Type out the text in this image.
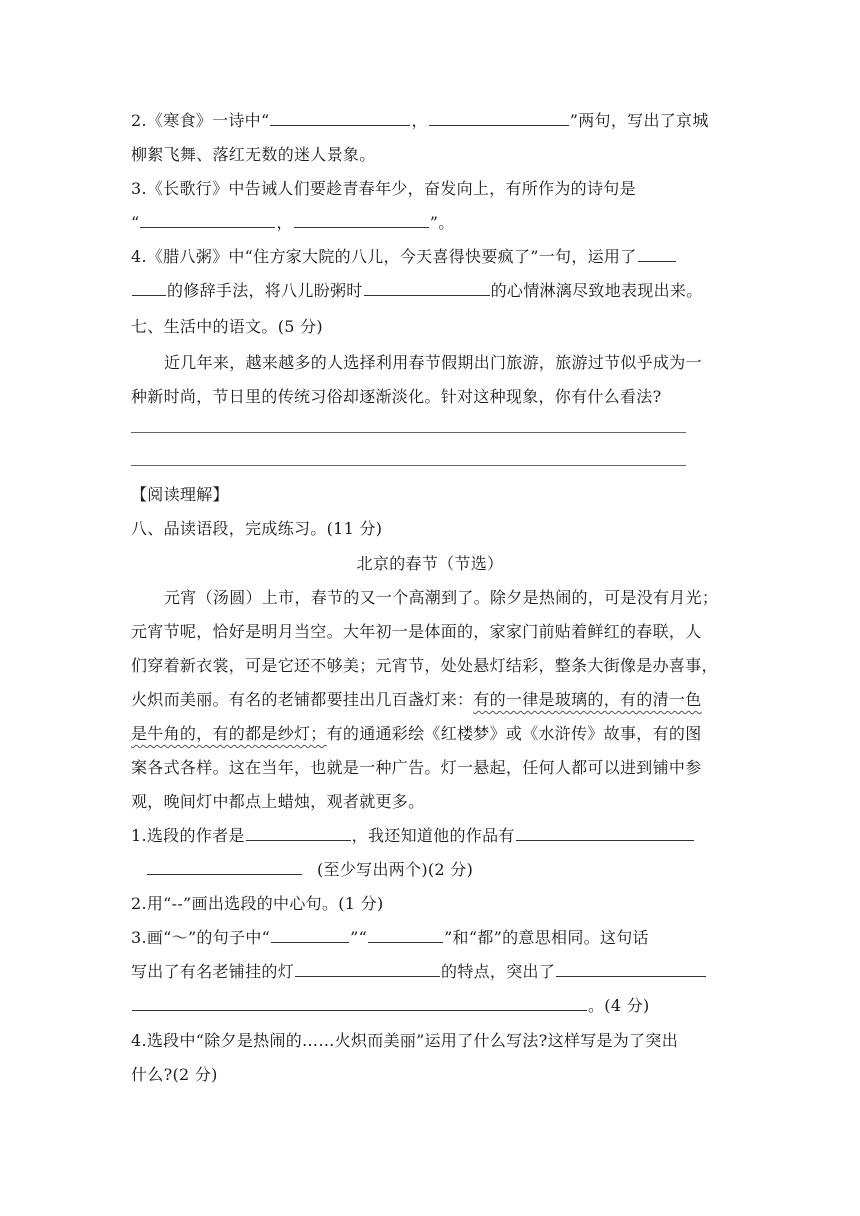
2.《寒食》一诗中“	，	”两句，写出了京城
柳絮飞舞、落红无数的迷人景象。
3.《长歌行》中告诫人们要趁青春年少，奋发向上，有所作为的诗句是
“	，	”。
4.《腊八粥》中“住方家大院的八儿，今天喜得快要疯了”一句，运用了
的修辞手法，将八儿盼粥时	的心情淋漓尽致地表现出来。
七、生活中的语文。(5 分)
近几年来，越来越多的人选择利用春节假期出门旅游，旅游过节似乎成为一
种新时尚，节日里的传统习俗却逐渐淡化。针对这种现象，你有什么看法?
【阅读理解】
八、品读语段，完成练习。(11 分)
北京的春节（节选）
元宵（汤圆）上市，春节的又一个高潮到了。除夕是热闹的，可是没有月光；
元宵节呢，恰好是明月当空。大年初一是体面的，家家门前贴着鲜红的春联，人
们穿着新衣裳，可是它还不够美；元宵节，处处悬灯结彩，整条大街像是办喜事，
火炽而美丽。有名的老铺都要挂出几百盏灯来：有的一律是玻璃的，有的清一色
是牛角的，有的都是纱灯；有的通通彩绘《红楼梦》或《水浒传》故事，有的图
案各式各样。这在当年，也就是一种广告。灯一悬起，任何人都可以进到铺中参
观，晚间灯中都点上蜡烛，观者就更多。
1.选段的作者是	，我还知道他的作品有
(至少写出两个)(2 分)
2.用“--”画出选段的中心句。(1 分)
3.画“～”的句子中“	”“	”和“都”的意思相同。这句话
写出了有名老铺挂的灯	的特点，突出了
。(4 分)
4.选段中“除夕是热闹的……火炽而美丽”运用了什么写法?这样写是为了突出
什么?(2 分)
